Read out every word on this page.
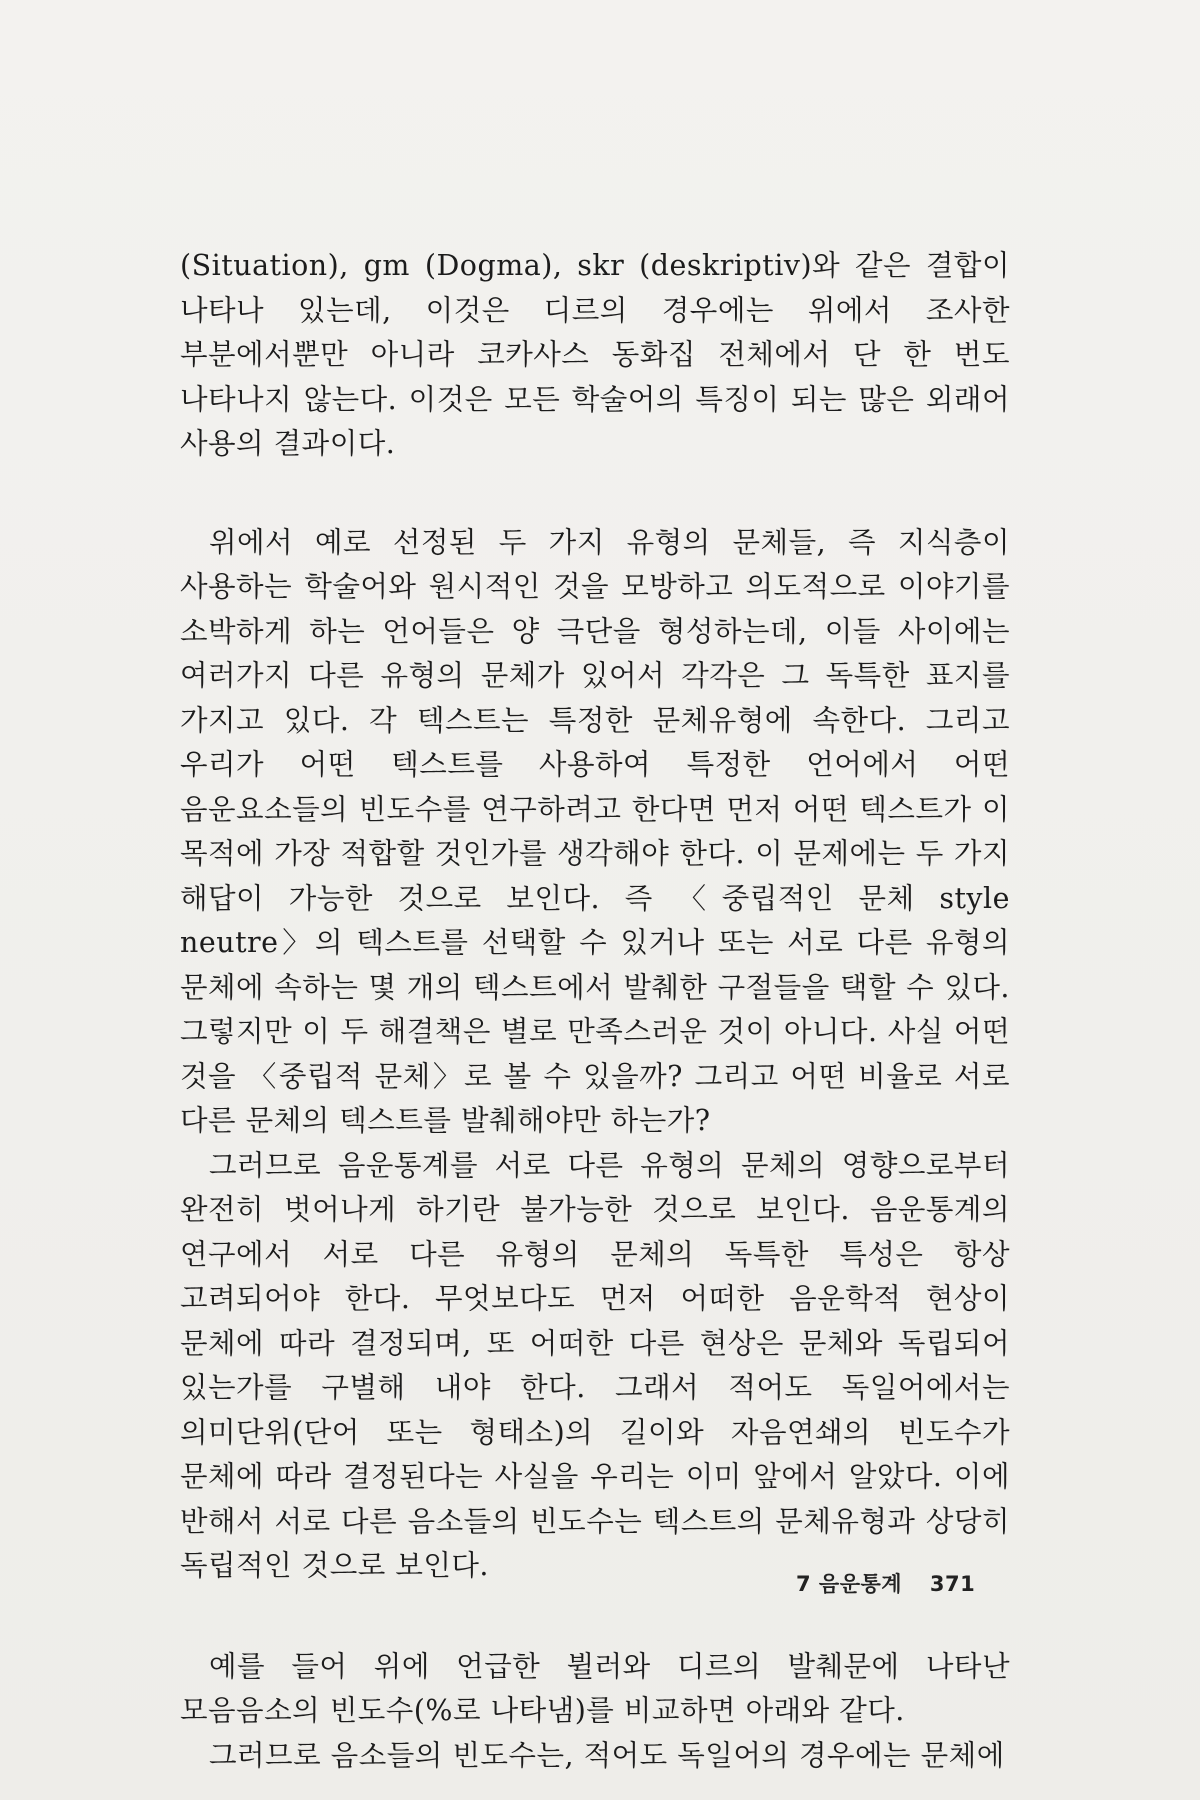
(Situation), gm (Dogma), skr (deskriptiv)와 같은 결합이 나타나 있는데, 이것은 디르의 경우에는 위에서 조사한 부분에서뿐만 아니라 코카사스 동화집 전체에서 단 한 번도 나타나지 않는다. 이것은 모든 학술어의 특징이 되는 많은 외래어 사용의 결과이다.

위에서 예로 선정된 두 가지 유형의 문체들, 즉 지식층이 사용하는 학술어와 원시적인 것을 모방하고 의도적으로 이야기를 소박하게 하는 언어들은 양 극단을 형성하는데, 이들 사이에는 여러가지 다른 유형의 문체가 있어서 각각은 그 독특한 표지를 가지고 있다. 각 텍스트는 특정한 문체유형에 속한다. 그리고 우리가 어떤 텍스트를 사용하여 특정한 언어에서 어떤 음운요소들의 빈도수를 연구하려고 한다면 먼저 어떤 텍스트가 이 목적에 가장 적합할 것인가를 생각해야 한다. 이 문제에는 두 가지 해답이 가능한 것으로 보인다. 즉 〈중립적인 문체 style neutre〉의 텍스트를 선택할 수 있거나 또는 서로 다른 유형의 문체에 속하는 몇 개의 텍스트에서 발췌한 구절들을 택할 수 있다. 그렇지만 이 두 해결책은 별로 만족스러운 것이 아니다. 사실 어떤 것을 〈중립적 문체〉로 볼 수 있을까? 그리고 어떤 비율로 서로 다른 문체의 텍스트를 발췌해야만 하는가?

그러므로 음운통계를 서로 다른 유형의 문체의 영향으로부터 완전히 벗어나게 하기란 불가능한 것으로 보인다. 음운통계의 연구에서 서로 다른 유형의 문체의 독특한 특성은 항상 고려되어야 한다. 무엇보다도 먼저 어떠한 음운학적 현상이 문체에 따라 결정되며, 또 어떠한 다른 현상은 문체와 독립되어 있는가를 구별해 내야 한다. 그래서 적어도 독일어에서는 의미단위(단어 또는 형태소)의 길이와 자음연쇄의 빈도수가 문체에 따라 결정된다는 사실을 우리는 이미 앞에서 알았다. 이에 반해서 서로 다른 음소들의 빈도수는 텍스트의 문체유형과 상당히 독립적인 것으로 보인다.

예를 들어 위에 언급한 뷜러와 디르의 발췌문에 나타난 모음음소의 빈도수(%로 나타냄)를 비교하면 아래와 같다.

그러므로 음소들의 빈도수는, 적어도 독일어의 경우에는 문체에

7 음운통계 371
